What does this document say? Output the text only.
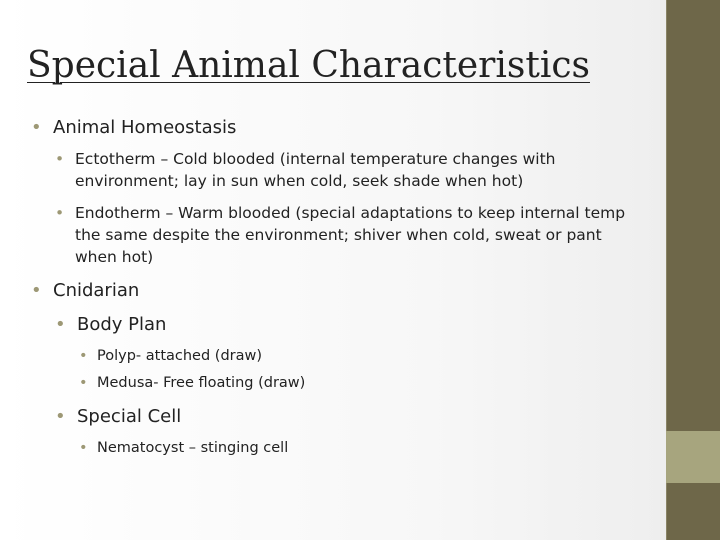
Special Animal Characteristics

• Animal Homeostasis

• Ectotherm – Cold blooded (internal temperature changes with environment; lay in sun when cold, seek shade when hot)

• Endotherm – Warm blooded (special adaptations to keep internal temp the same despite the environment; shiver when cold, sweat or pant when hot)

• Cnidarian

• Body Plan

• Polyp- attached (draw)

• Medusa- Free floating (draw)

• Special Cell

• Nematocyst – stinging cell
